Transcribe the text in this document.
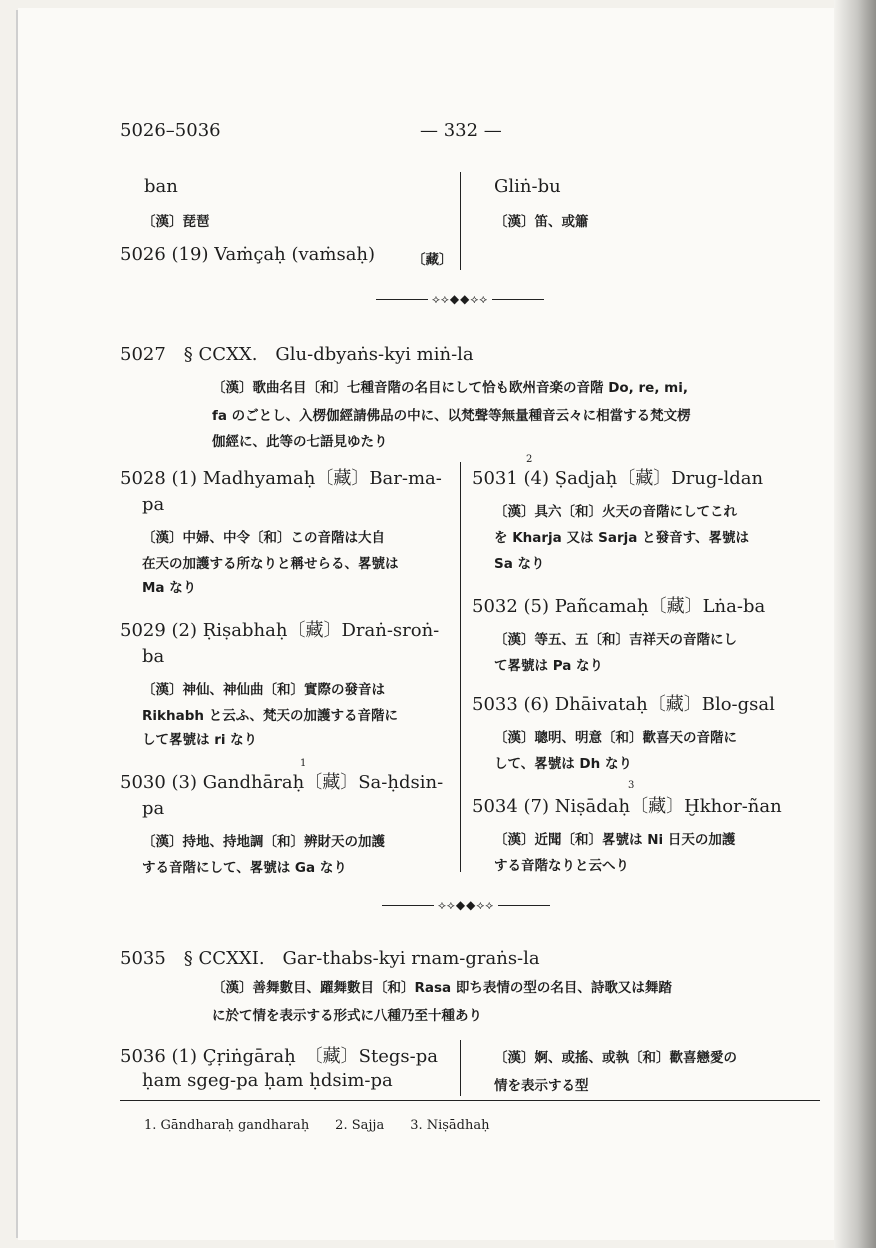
5026–5036	— 332 —
ban
〔漢〕琵琶
5026 (19) Vaṁçaḥ (vaṁsaḥ)	〔藏〕
Gliṅ-bu
〔漢〕笛、或簫
⟡⟡◆◆⟡⟡
5027　§ CCXX.　Glu-dbyaṅs-kyi miṅ-la
〔漢〕歌曲名目〔和〕七種音階の名目にして恰も欧州音楽の音階 Do, re, mi,
fa のごとし、入楞伽經請佛品の中に、以梵聲等無量種音云々に相當する梵文楞
伽經に、此等の七語見ゆたり
5028 (1) Madhyamaḥ〔藏〕Bar-ma-
pa
〔漢〕中婦、中令〔和〕この音階は大自
在天の加護する所なりと稱せらる、畧號は
Ma なり
5029 (2) Ṛiṣabhaḥ〔藏〕Draṅ-sroṅ-
ba
〔漢〕神仙、神仙曲〔和〕實際の發音は
Rikhabh と云ふ、梵天の加護する音階に
して畧號は ri なり
1
5030 (3) Gandhāraḥ〔藏〕Sa-ḥdsin-
pa
〔漢〕持地、持地調〔和〕辨財天の加護
する音階にして、畧號は Ga なり
2
5031 (4) Ṣadjaḥ〔藏〕Drug-ldan
〔漢〕具六〔和〕火天の音階にしてこれ
を Kharja 又は Sarja と發音す、畧號は
Sa なり
5032 (5) Pañcamaḥ〔藏〕Lṅa-ba
〔漢〕等五、五〔和〕吉祥天の音階にし
て畧號は Pa なり
5033 (6) Dhāivataḥ〔藏〕Blo-gsal
〔漢〕聰明、明意〔和〕歡喜天の音階に
して、畧號は Dh なり
3
5034 (7) Niṣādaḥ〔藏〕Ḫkhor-ñan
〔漢〕近聞〔和〕畧號は Ni 日天の加護
する音階なりと云へり
⟡⟡◆◆⟡⟡
5035　§ CCXXI.　Gar-thabs-kyi rnam-graṅs-la
〔漢〕善舞數目、躍舞數目〔和〕Rasa 即ち表情の型の名目、詩歌又は舞踏
に於て情を表示する形式に八種乃至十種あり
5036 (1) Çṛiṅgāraḥ　〔藏〕Stegs-pa
ḥam sgeg-pa ḥam ḥdsim-pa
〔漢〕婀、或搖、或執〔和〕歡喜戀愛の
情を表示する型
1. Gāndharaḥ gandharaḥ　　2. Sajja　　3. Niṣādhaḥ
